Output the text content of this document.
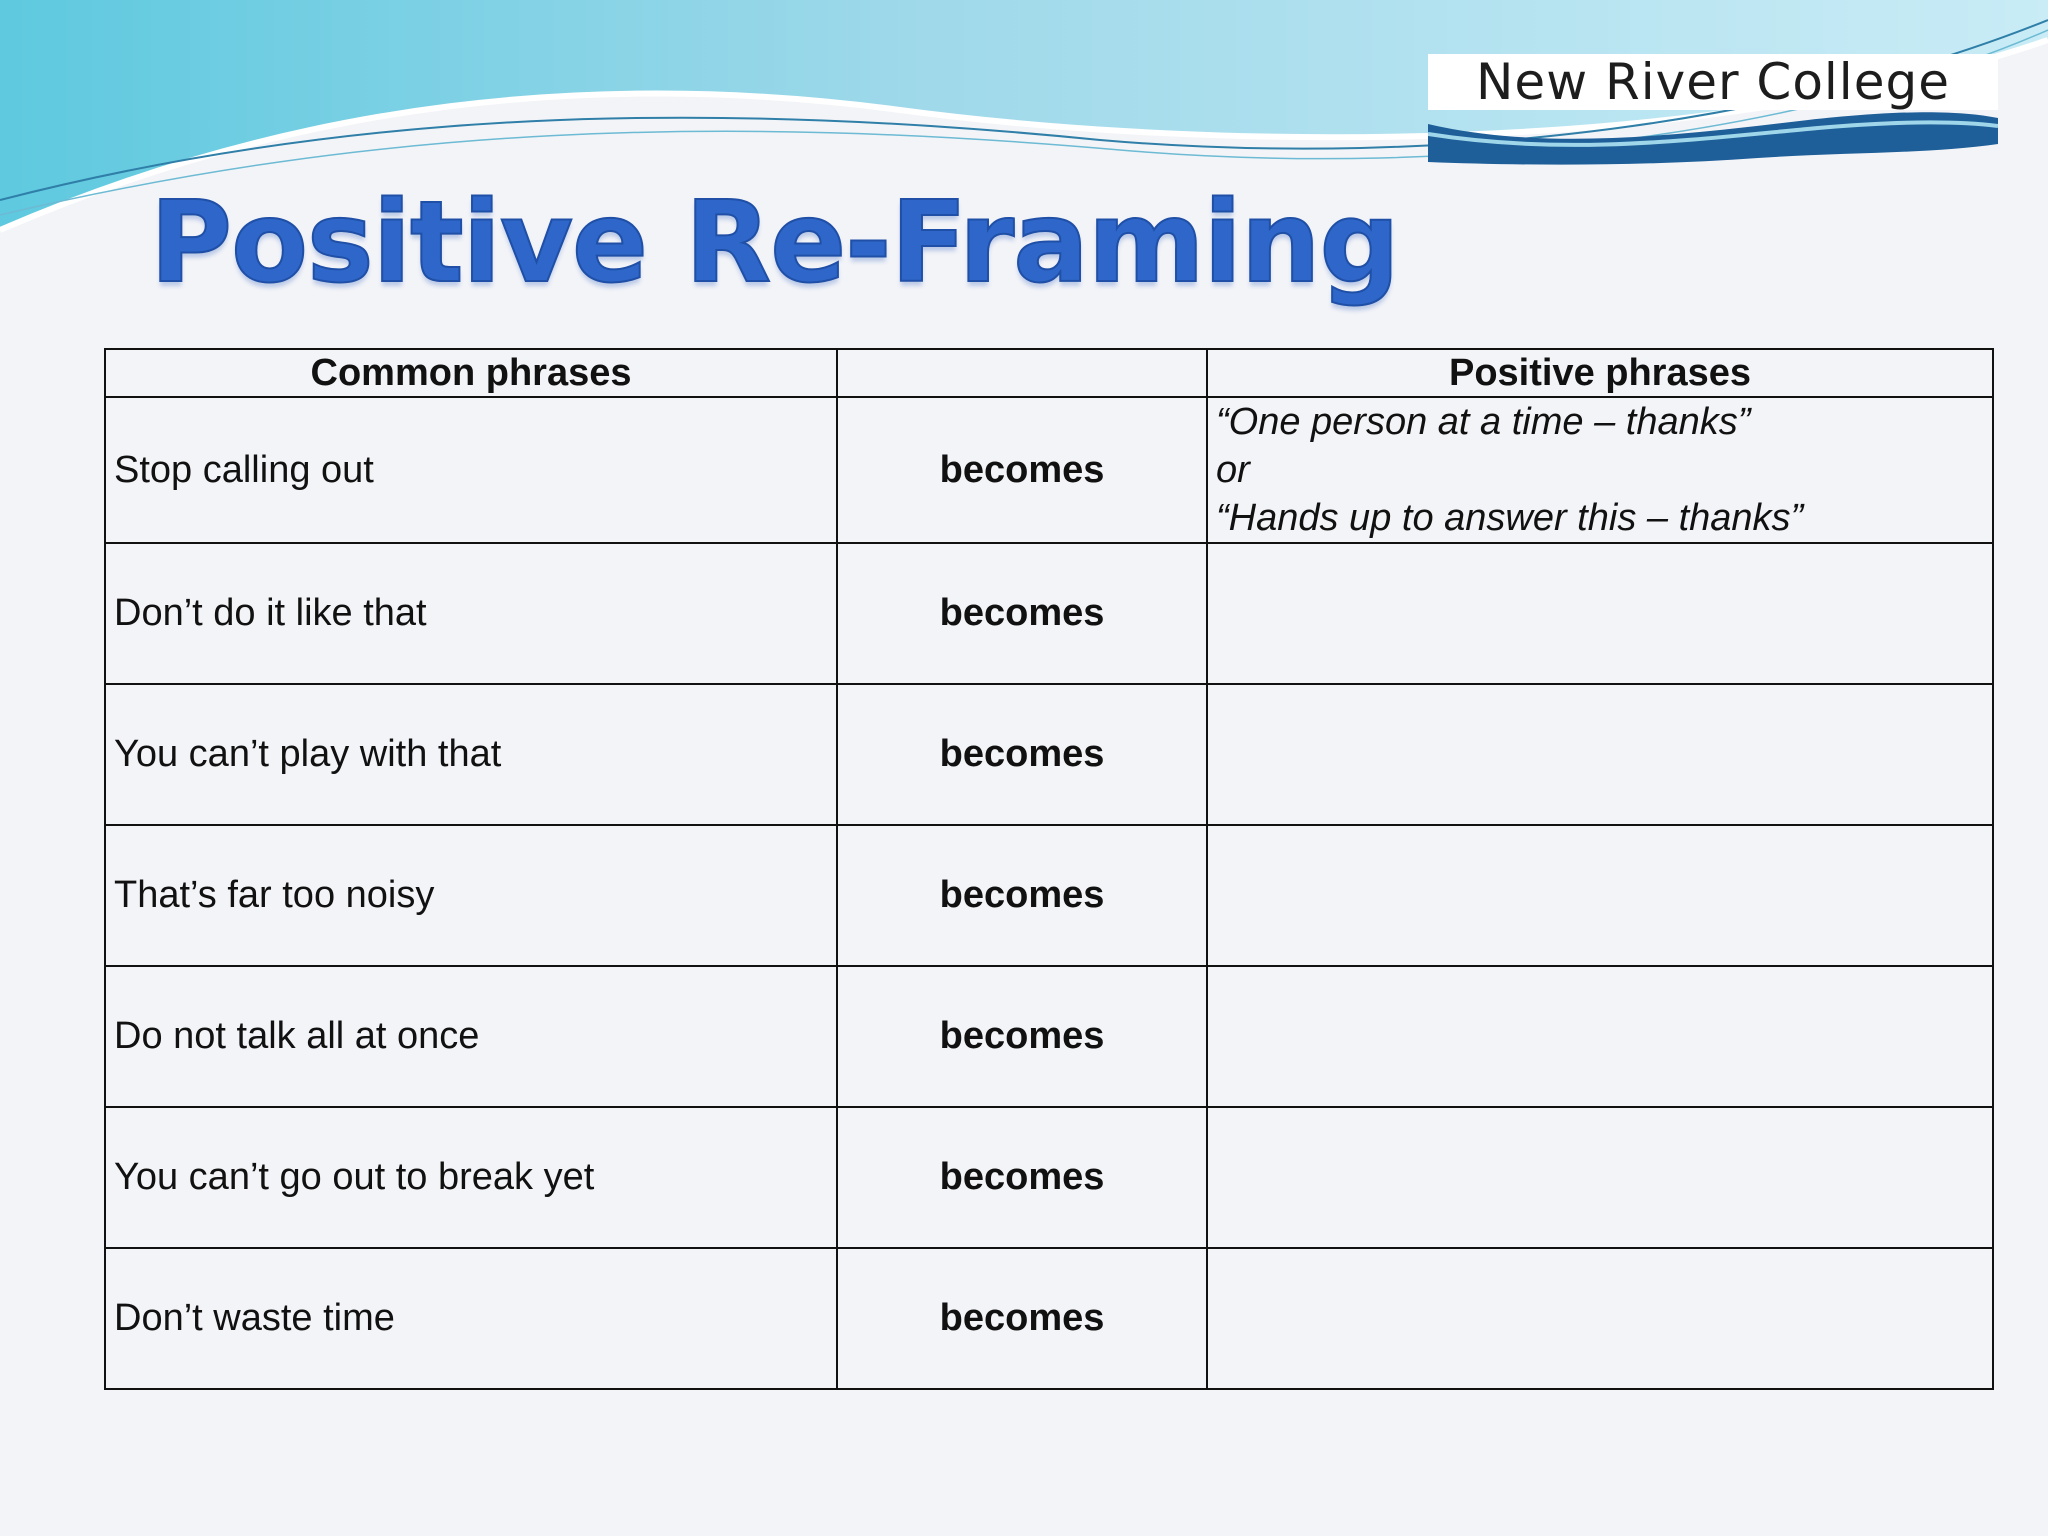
New River College
Positive Re-Framing
Common phrases		Positive phrases
Stop calling out	becomes	“One person at a time – thanks”
or
“Hands up to answer this – thanks”

Don’t do it like that	becomes	
You can’t play with that	becomes	
That’s far too noisy	becomes	
Do not talk all at once	becomes	
You can’t go out to break yet	becomes	
Don’t waste time	becomes	
